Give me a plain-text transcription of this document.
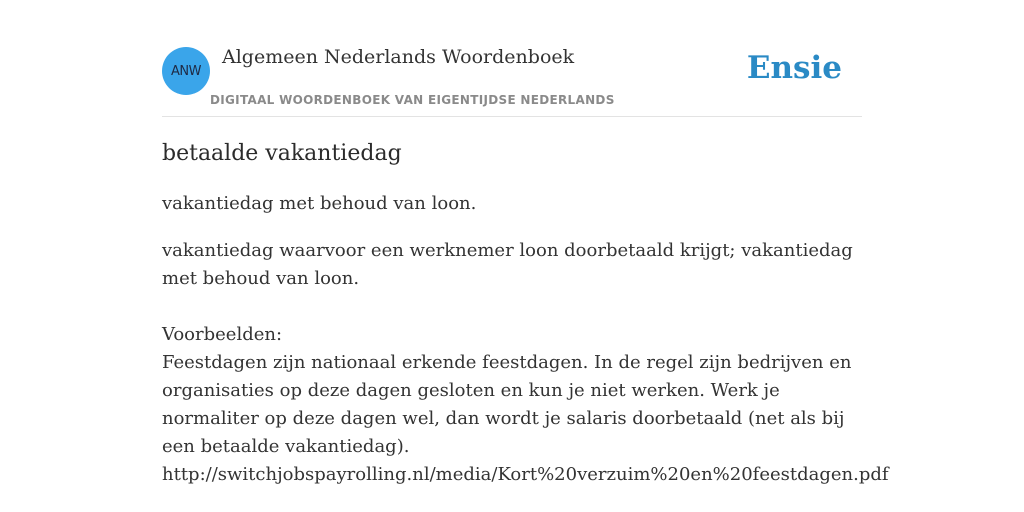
ANW
Algemeen Nederlands Woordenboek
DIGITAAL WOORDENBOEK VAN EIGENTIJDSE NEDERLANDS
Ensie
betaalde vakantiedag

vakantiedag met behoud van loon.

vakantiedag waarvoor een werknemer loon doorbetaald krijgt; vakantiedag met behoud van loon.

Voorbeelden:
Feestdagen zijn nationaal erkende feestdagen. In de regel zijn bedrijven en organisaties op deze dagen gesloten en kun je niet werken. Werk je normaliter op deze dagen wel, dan wordt je salaris doorbetaald (net als bij een betaalde vakantiedag).
http://switchjobspayrolling.nl/media/Kort%20verzuim%20en%20feestdagen.pdf
